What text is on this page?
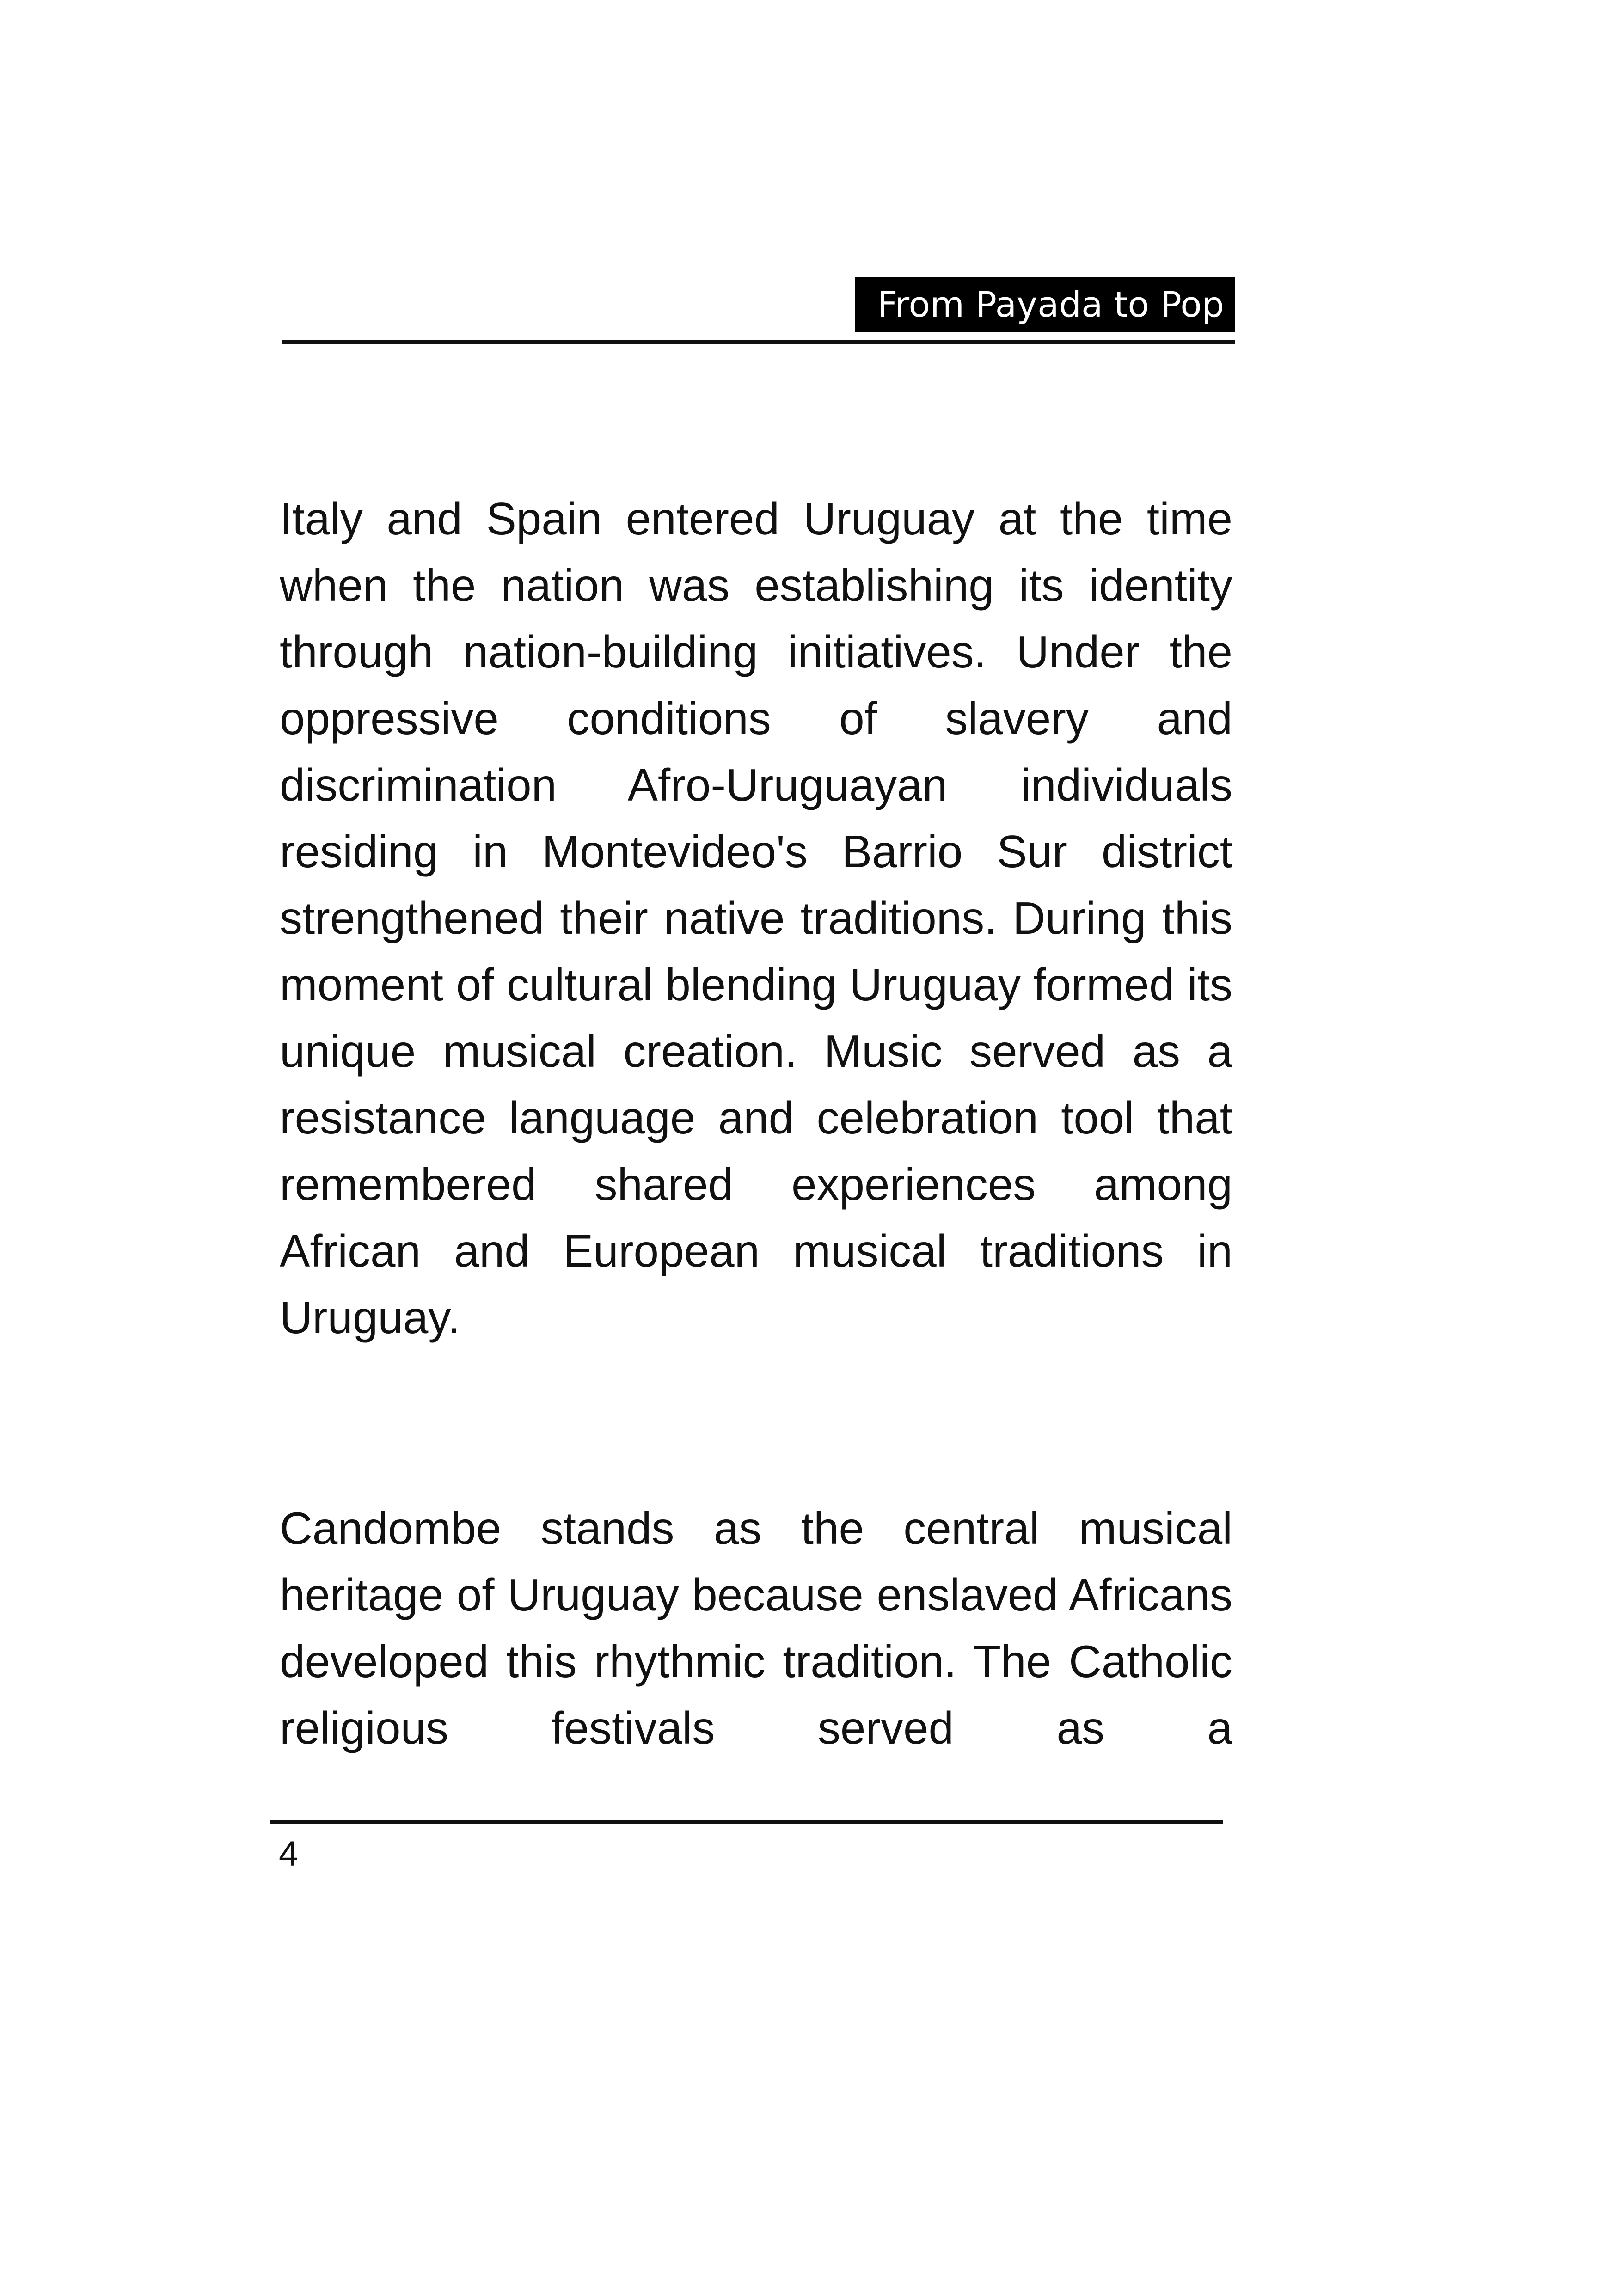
From Payada to Pop

Italy and Spain entered Uruguay at the time when the nation was establishing its identity through nation-building initiatives. Under the oppressive conditions of slavery and discrimination Afro-Uruguayan individuals residing in Montevideo's Barrio Sur district strengthened their native traditions. During this moment of cultural blending Uruguay formed its unique musical creation. Music served as a resistance language and celebration tool that remembered shared experiences among African and European musical traditions in Uruguay.

Candombe stands as the central musical heritage of Uruguay because enslaved Africans developed this rhythmic tradition. The Catholic religious festivals served as a

4
